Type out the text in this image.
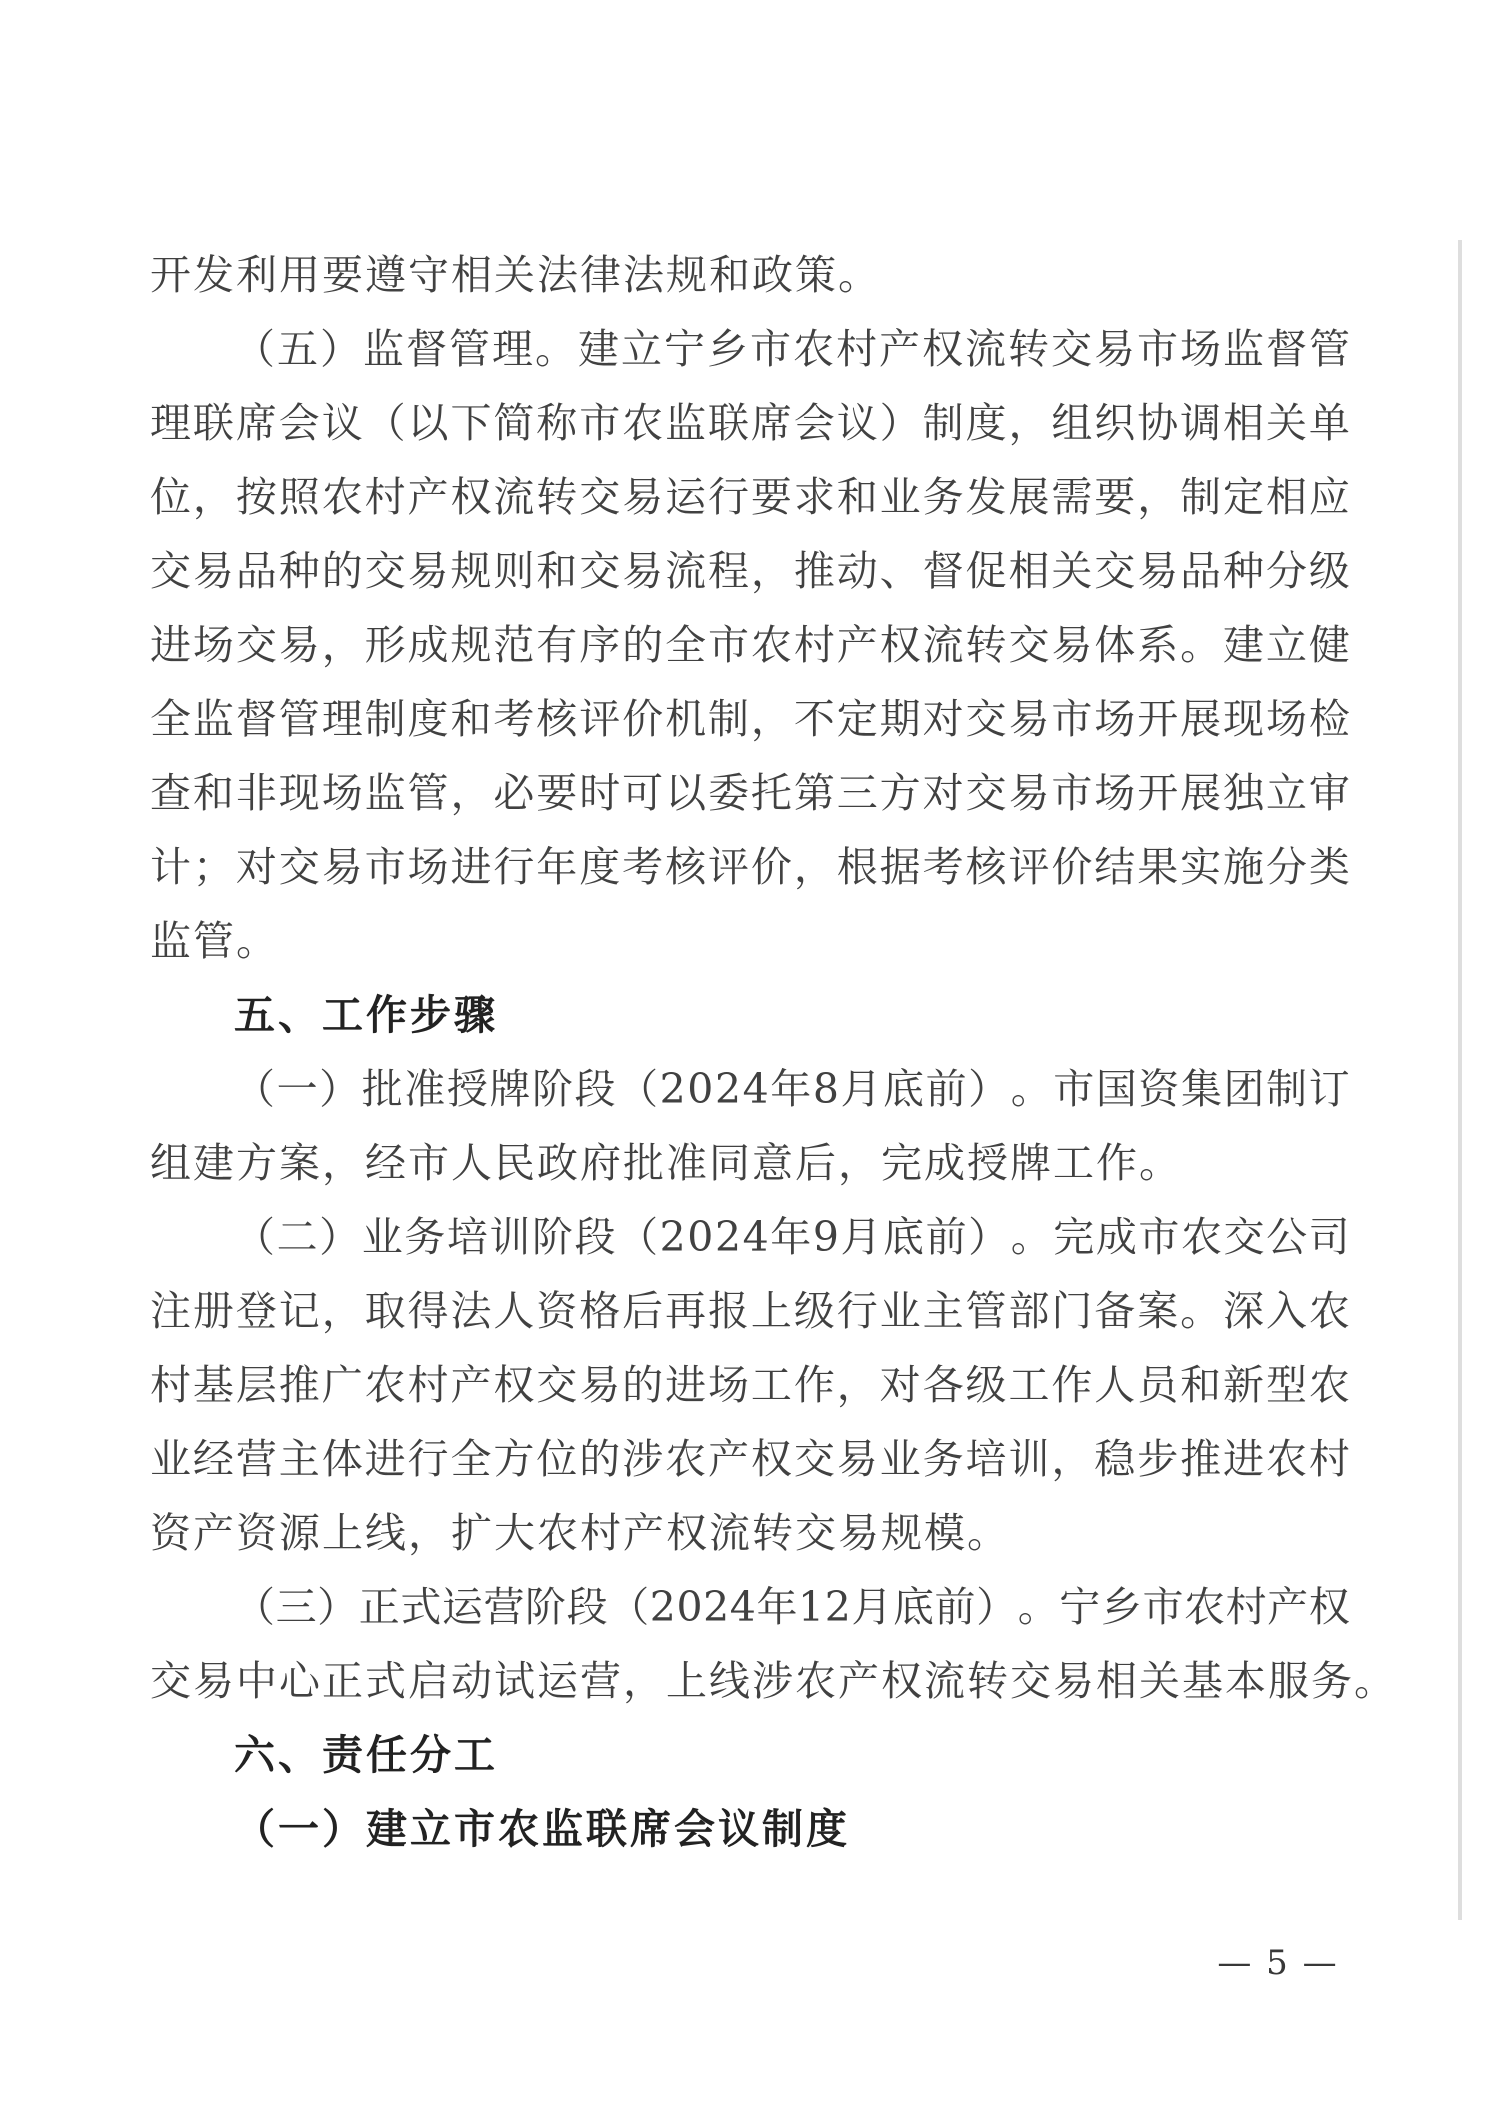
开发利用要遵守相关法律法规和政策。
（ 五 ） 监 督 管 理 。 建 立 宁 乡 市 农 村 产 权 流 转 交 易 市 场 监 督 管
理 联 席 会 议 （ 以 下 简 称 市 农 监 联 席 会 议 ） 制 度 ， 组 织 协 调 相 关 单
位 ， 按 照 农 村 产 权 流 转 交 易 运 行 要 求 和 业 务 发 展 需 要 ， 制 定 相 应
交 易 品 种 的 交 易 规 则 和 交 易 流 程 ， 推 动 、 督 促 相 关 交 易 品 种 分 级
进 场 交 易 ， 形 成 规 范 有 序 的 全 市 农 村 产 权 流 转 交 易 体 系 。 建 立 健
全 监 督 管 理 制 度 和 考 核 评 价 机 制 ， 不 定 期 对 交 易 市 场 开 展 现 场 检
查 和 非 现 场 监 管 ， 必 要 时 可 以 委 托 第 三 方 对 交 易 市 场 开 展 独 立 审
计 ； 对 交 易 市 场 进 行 年 度 考 核 评 价 ， 根 据 考 核 评 价 结 果 实 施 分 类
监管。
五、工作步骤
（ 一 ） 批 准 授 牌 阶 段 （ 2 0 2 4 年 8 月 底 前 ） 。 市 国 资 集 团 制 订
组建方案，经市人民政府批准同意后，完成授牌工作。
（ 二 ） 业 务 培 训 阶 段 （ 2 0 2 4 年 9 月 底 前 ） 。 完 成 市 农 交 公 司
注 册 登 记 ， 取 得 法 人 资 格 后 再 报 上 级 行 业 主 管 部 门 备 案 。 深 入 农
村 基 层 推 广 农 村 产 权 交 易 的 进 场 工 作 ， 对 各 级 工 作 人 员 和 新 型 农
业 经 营 主 体 进 行 全 方 位 的 涉 农 产 权 交 易 业 务 培 训 ， 稳 步 推 进 农 村
资产资源上线，扩大农村产权流转交易规模。
（ 三 ） 正 式 运 营 阶 段 （ 2 0 2 4 年 1 2 月 底 前 ） 。 宁 乡 市 农 村 产 权
交易中心正式启动试运营，上线涉农产权流转交易相关基本服务。
六、责任分工
（一）建立市农监联席会议制度
— 5 —
